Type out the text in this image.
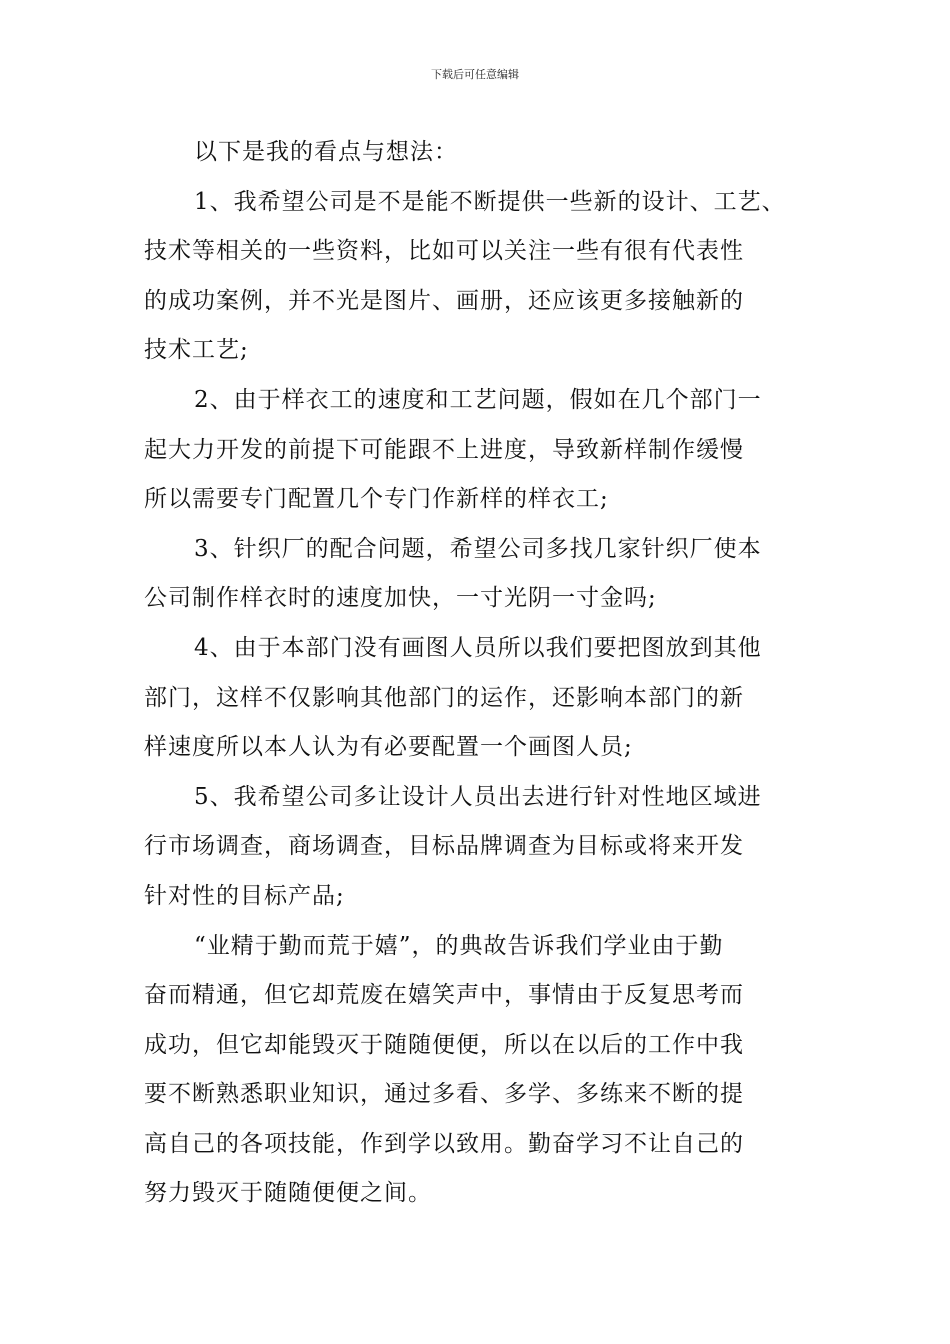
下载后可任意编辑
以下是我的看点与想法：
1、我希望公司是不是能不断提供一些新的设计、工艺、
技术等相关的一些资料，比如可以关注一些有很有代表性
的成功案例，并不光是图片、画册，还应该更多接触新的
技术工艺;
2、由于样衣工的速度和工艺问题，假如在几个部门一
起大力开发的前提下可能跟不上进度，导致新样制作缓慢
所以需要专门配置几个专门作新样的样衣工;
3、针织厂的配合问题，希望公司多找几家针织厂使本
公司制作样衣时的速度加快，一寸光阴一寸金吗;
4、由于本部门没有画图人员所以我们要把图放到其他
部门，这样不仅影响其他部门的运作，还影响本部门的新
样速度所以本人认为有必要配置一个画图人员;
5、我希望公司多让设计人员出去进行针对性地区域进
行市场调查，商场调查，目标品牌调查为目标或将来开发
针对性的目标产品;
“业精于勤而荒于嬉”，的典故告诉我们学业由于勤
奋而精通，但它却荒废在嬉笑声中，事情由于反复思考而
成功，但它却能毁灭于随随便便，所以在以后的工作中我
要不断熟悉职业知识，通过多看、多学、多练来不断的提
高自己的各项技能，作到学以致用。勤奋学习不让自己的
努力毁灭于随随便便之间。
